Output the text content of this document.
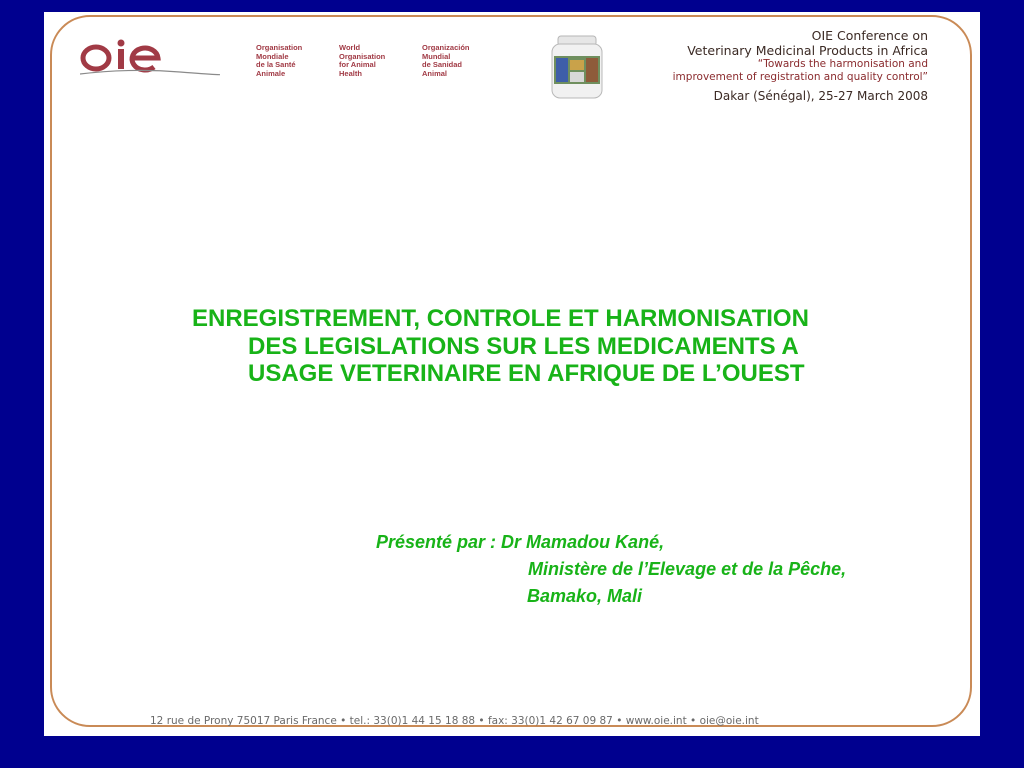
Organisation
Mondiale
de la Santé
Animale
World
Organisation
for Animal
Health
Organización
Mundial
de Sanidad
Animal
OIE Conference on
Veterinary Medicinal Products in Africa
“Towards the harmonisation and
improvement of registration and quality control”
Dakar (Sénégal), 25-27 March 2008
ENREGISTREMENT, CONTROLE ET HARMONISATION
DES LEGISLATIONS SUR LES MEDICAMENTS A
USAGE VETERINAIRE EN AFRIQUE DE L’OUEST
Présenté par : Dr Mamadou Kané,
Ministère de l’Elevage et de la Pêche,
Bamako, Mali
12 rue de Prony 75017 Paris France • tel.: 33(0)1 44 15 18 88 • fax: 33(0)1 42 67 09 87 • www.oie.int • oie@oie.int
